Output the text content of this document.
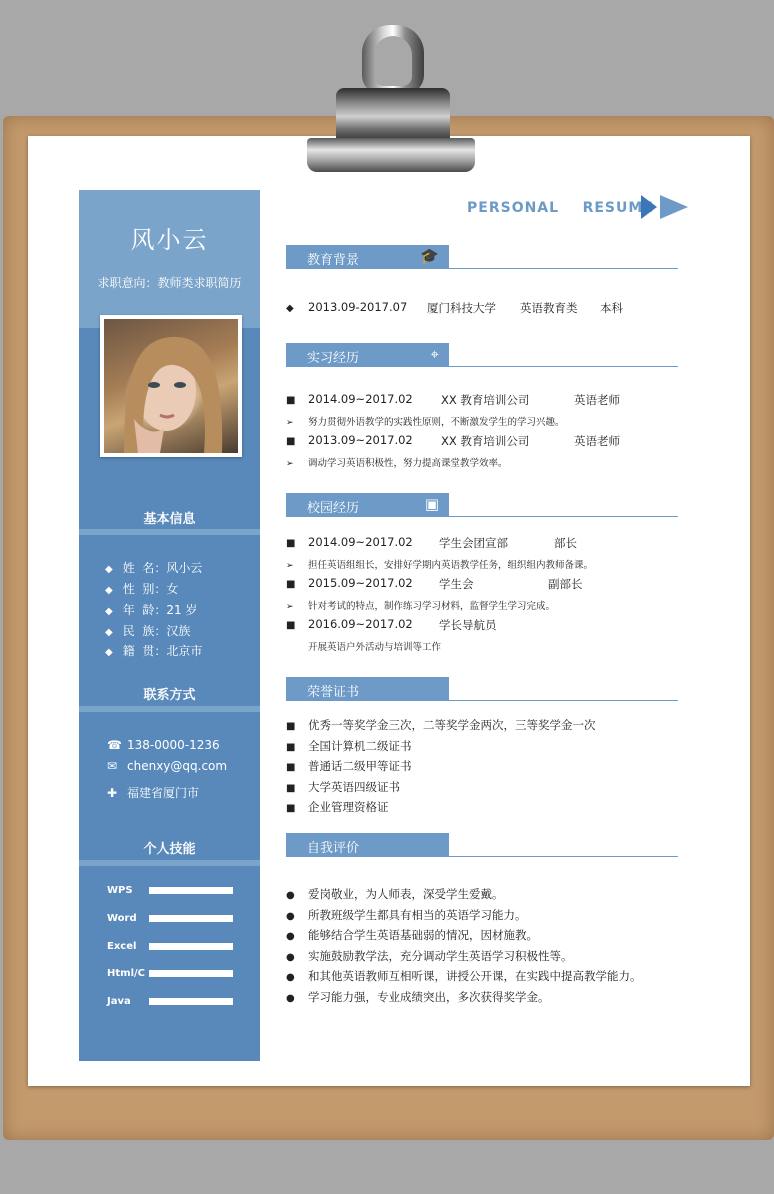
风小云
求职意向：教师类求职简历
基本信息
◆ 姓  名：风小云
◆ 性  别：女
◆ 年  龄：21 岁
◆ 民  族：汉族
◆ 籍  贯：北京市
联系方式
☎ 138-0000-1236
✉ chenxy@qq.com
✚ 福建省厦门市
个人技能
WPS
Word
Excel
Html/C
Java
PERSONAL RESUME
教育背景	🎓
◆ 2013.09-2017.07 厦门科技大学 英语教育类 本科
实习经历	⌖
■ 2014.09~2017.02 XX 教育培训公司	英语老师
➢ 努力贯彻外语教学的实践性原则，不断激发学生的学习兴趣。
■ 2013.09~2017.02 XX 教育培训公司	英语老师
➢ 调动学习英语积极性，努力提高课堂教学效率。
校园经历	▣
■ 2014.09~2017.02 学生会团宣部	部长
➢ 担任英语组组长，安排好学期内英语教学任务，组织组内教师备课。
■ 2015.09~2017.02 学生会	副部长
➢ 针对考试的特点，制作练习学习材料，监督学生学习完成。
■ 2016.09~2017.02 学长导航员
开展英语户外活动与培训等工作
荣誉证书
■ 优秀一等奖学金三次，二等奖学金两次，三等奖学金一次
■ 全国计算机二级证书
■ 普通话二级甲等证书
■ 大学英语四级证书
■ 企业管理资格证
自我评价
● 爱岗敬业，为人师表，深受学生爱戴。
● 所教班级学生都具有相当的英语学习能力。
● 能够结合学生英语基础弱的情况，因材施教。
● 实施鼓励教学法，充分调动学生英语学习积极性等。
● 和其他英语教师互相听课，讲授公开课，在实践中提高教学能力。
● 学习能力强，专业成绩突出，多次获得奖学金。
